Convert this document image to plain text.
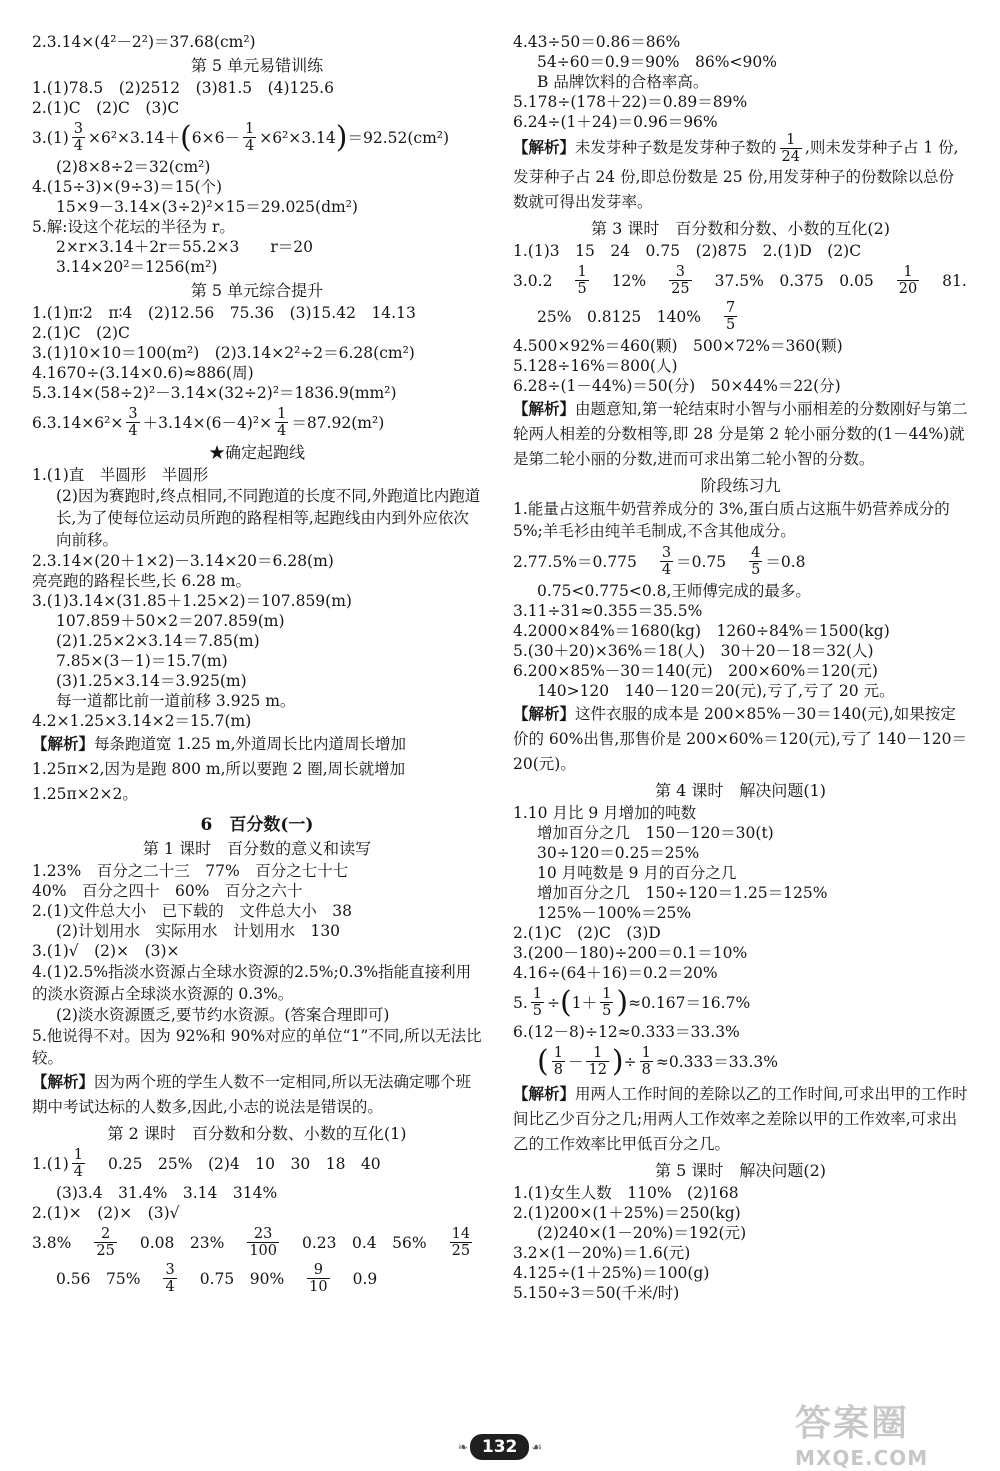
2.3.14×(4²－2²)＝37.68(cm²)

第 5 单元易错训练

1.(1)78.5　(2)2512　(3)81.5　(4)125.6

2.(1)C　(2)C　(3)C

$3.(1) \frac{3}{4} \times 6^2\times 3.14+$ ( $6\times 6- \frac{1}{4} \times 6^2\times 3.14$ ) ＝92.52(cm²)

(2)8×8÷2＝32(cm²)

4.(15÷3)×(9÷3)＝15(个)

15×9－3.14×(3÷2)²×15＝29.025(dm²)

5.解:设这个花坛的半径为 r。

2×r×3.14＋2r＝55.2×3　　r＝20

3.14×20²＝1256(m²)

第 5 单元综合提升

1.(1)π∶2　π∶4　(2)12.56　75.36　(3)15.42　14.13

2.(1)C　(2)C

3.(1)10×10＝100(m²)　(2)3.14×2²÷2＝6.28(cm²)

4.1670÷(3.14×0.6)≈886(周)

5.3.14×(58÷2)²－3.14×(32÷2)²＝1836.9(mm²)

$6.3.14\times 6^2\times \frac{3}{4} +3.14\times(6-4)^2\times \frac{1}{4} =87.92(m^2)$

★确定起跑线

1.(1)直　半圆形　半圆形

(2)因为赛跑时,终点相同,不同跑道的长度不同,外跑道比内跑道长,为了使每位运动员所跑的路程相等,起跑线由内到外应依次向前移。

2.3.14×(20＋1×2)－3.14×20＝6.28(m)

亮亮跑的路程长些,长 6.28 m。

3.(1)3.14×(31.85＋1.25×2)＝107.859(m)

107.859＋50×2＝207.859(m)

(2)1.25×2×3.14＝7.85(m)

7.85×(3－1)＝15.7(m)

(3)1.25×3.14＝3.925(m)

每一道都比前一道前移 3.925 m。

4.2×1.25×3.14×2＝15.7(m)

【解析】每条跑道宽 1.25 m,外道周长比内道周长增加 1.25π×2,因为是跑 800 m,所以要跑 2 圈,周长就增加 1.25π×2×2。

6　百分数(一)

第 1 课时　百分数的意义和读写

1.23%　百分之二十三　77%　百分之七十七

40%　百分之四十　60%　百分之六十

2.(1)文件总大小　已下载的　文件总大小　38

(2)计划用水　实际用水　计划用水　130

3.(1)√　(2)×　(3)×

4.(1)2.5%指淡水资源占全球水资源的2.5%;0.3%指能直接利用的淡水资源占全球淡水资源的 0.3%。

(2)淡水资源匮乏,要节约水资源。(答案合理即可)

5.他说得不对。因为 92%和 90%对应的单位“1”不同,所以无法比较。

【解析】因为两个班的学生人数不一定相同,所以无法确定哪个班期中考试达标的人数多,因此,小志的说法是错误的。

第 2 课时　百分数和分数、小数的互化(1)

1.(1) 1
4 0.25　25%　(2)4　10　30　18　40

(3)3.4　31.4%　3.14　314%

2.(1)×　(2)×　(3)√

3.8% 2
25 0.08　23% 23
100 0.23　0.4　56% 14
25

0.56　75% 3
4 0.75　90% 9
10 0.9

4.43÷50＝0.86＝86%

54÷60＝0.9＝90%　86%<90%

B 品牌饮料的合格率高。

5.178÷(178＋22)＝0.89＝89%

6.24÷(1＋24)＝0.96＝96%

【解析】未发芽种子数是发芽种子数的 $\frac{1}{24}$ ,则未发芽种子占 1 份,发芽种子占 24 份,即总份数是 25 份,用发芽种子的份数除以总份数就可得出发芽率。

第 3 课时　百分数和分数、小数的互化(2)

1.(1)3　15　24　0.75　(2)875　2.(1)D　(2)C

3.0.2 1
5 12% 3
25 37.5%　0.375　0.05 1
20 81.

25%　0.8125　140% 7
5

4.500×92%＝460(颗)　500×72%＝360(颗)

5.128÷16%＝800(人)

6.28÷(1－44%)＝50(分)　50×44%＝22(分)

【解析】由题意知,第一轮结束时小智与小丽相差的分数刚好与第二轮两人相差的分数相等,即 28 分是第 2 轮小丽分数的(1－44%)就是第二轮小丽的分数,进而可求出第二轮小智的分数。

阶段练习九

1.能量占这瓶牛奶营养成分的 3%,蛋白质占这瓶牛奶营养成分的 5%;羊毛衫由纯羊毛制成,不含其他成分。

2.77.5%＝0.775 3
4 ＝0.75 4
5 ＝0.8

0.75<0.775<0.8,王师傅完成的最多。

3.11÷31≈0.355＝35.5%

4.2000×84%＝1680(kg)　1260÷84%＝1500(kg)

5.(30＋20)×36%＝18(人)　30＋20－18＝32(人)

6.200×85%－30＝140(元)　200×60%＝120(元)

140>120　140－120＝20(元),亏了,亏了 20 元。

【解析】这件衣服的成本是 200×85%－30＝140(元),如果按定价的 60%出售,那售价是 200×60%＝120(元),亏了 140－120＝20(元)。

第 4 课时　解决问题(1)

1.10 月比 9 月增加的吨数

增加百分之几　150－120＝30(t)

30÷120＝0.25＝25%

10 月吨数是 9 月的百分之几

增加百分之几　150÷120＝1.25＝125%

125%－100%＝25%

2.(1)C　(2)C　(3)D

3.(200－180)÷200＝0.1＝10%

4.16÷(64＋16)＝0.2＝20%

5. $\frac{1}{5}$ ÷ ( 1＋ 1
5 ) ≈0.167＝16.7%

6.(12－8)÷12≈0.333＝33.3%

( 1
8 － 1
12 ) ÷ $\frac{1}{8} \approx 0.333=33.3\%$

【解析】用两人工作时间的差除以乙的工作时间,可求出甲的工作时间比乙少百分之几;用两人工作效率之差除以甲的工作效率,可求出乙的工作效率比甲低百分之几。

第 5 课时　解决问题(2)

1.(1)女生人数　110%　(2)168

2.(1)200×(1＋25%)＝250(kg)

(2)240×(1－20%)＝192(元)

3.2×(1－20%)＝1.6(元)

4.125÷(1＋25%)＝100(g)

5.150÷3＝50(千米/时)

❧ 132	☙
答案圈
MXQE.COM
